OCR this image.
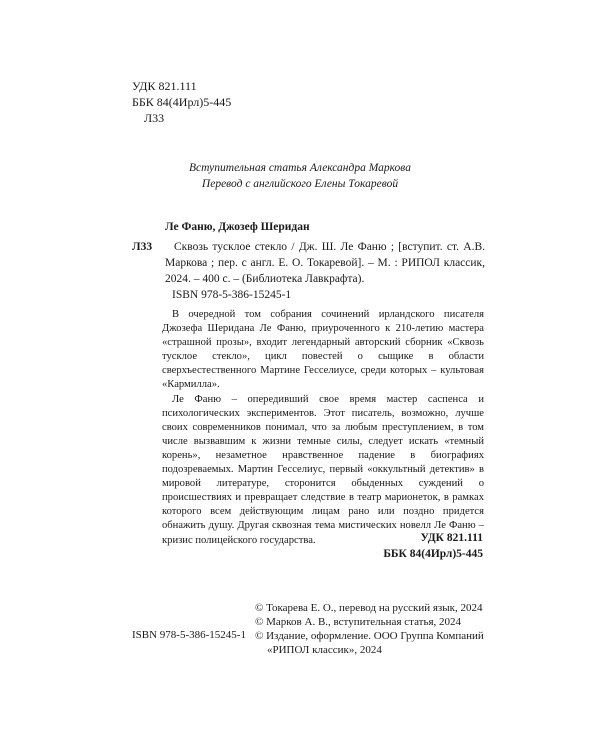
УДК 821.111
ББК 84(4Ирл)5-445
Л33
Вступительная статья Александра Маркова
Перевод с английского Елены Токаревой
Ле Фаню, Джозеф Шеридан
Л33	Сквозь тусклое стекло / Дж. Ш. Ле Фаню ; [вступит. ст. А.В. Маркова ; пер. с англ. Е. О. Токаревой]. – М. : РИПОЛ классик, 2024. – 400 с. – (Библиотека Лавкрафта).
ISBN 978-5-386-15245-1

В очередной том собрания сочинений ирландского писателя Джозефа Шеридана Ле Фаню, приуроченного к 210-летию мастера «страшной прозы», входит легендарный авторский сборник «Сквозь тусклое стекло», цикл повестей о сыщике в области сверхъестественного Мартине Гесселиусе, среди которых – культовая «Кармилла».

Ле Фаню – опередивший свое время мастер саспенса и психологических экспериментов. Этот писатель, возможно, лучше своих современников понимал, что за любым преступлением, в том числе вызвавшим к жизни темные силы, следует искать «темный корень», незаметное нравственное падение в биографиях подозреваемых. Мартин Гесселиус, первый «оккультный детектив» в мировой литературе, сторонится обыденных суждений о происшествиях и превращает следствие в театр марионеток, в рамках которого всем действующим лицам рано или поздно придется обнажить душу. Другая сквозная тема мистических новелл Ле Фаню – кризис полицейского государства.	УДК 821.111
ББК 84(4Ирл)5-445
ISBN 978-5-386-15245-1

© Токарева Е. О., перевод на русский язык, 2024

© Марков А. В., вступительная статья, 2024

© Издание, оформление. ООО Группа Компаний «РИПОЛ классик», 2024
